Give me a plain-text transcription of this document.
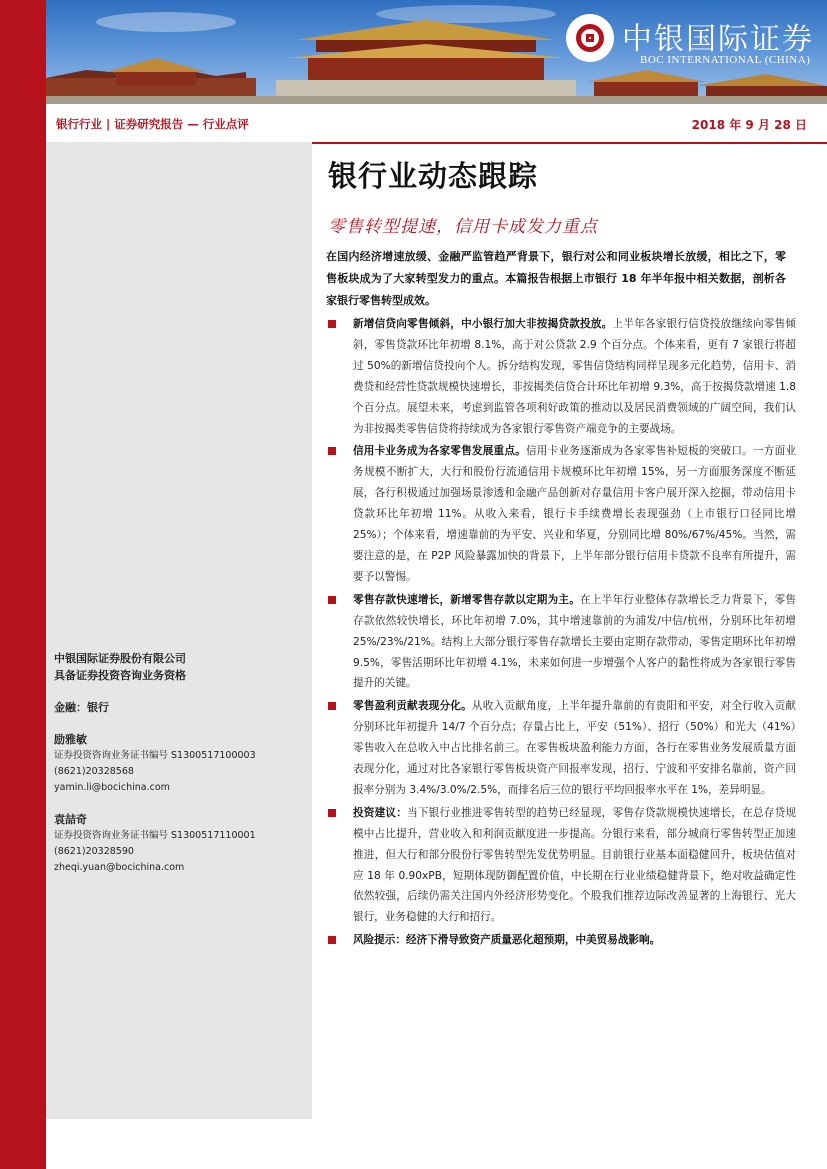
中银国际证券
BOC INTERNATIONAL (CHINA)
银行行业 | 证券研究报告 — 行业点评	2018 年 9 月 28 日
中银国际证券股份有限公司
具备证券投资咨询业务资格
金融：银行
励雅敏
证券投资咨询业务证书编号 S1300517100003
(8621)20328568
yamin.li@bocichina.com
袁喆奇
证券投资咨询业务证书编号 S1300517110001
(8621)20328590
zheqi.yuan@bocichina.com
银行业动态跟踪
零售转型提速，信用卡成发力重点
在国内经济增速放缓、金融严监管趋严背景下，银行对公和同业板块增长放缓，相比之下，零售板块成为了大家转型发力的重点。本篇报告根据上市银行 18 年半年报中相关数据，剖析各家银行零售转型成效。
新增信贷向零售倾斜，中小银行加大非按揭贷款投放。上半年各家银行信贷投放继续向零售倾斜，零售贷款环比年初增 8.1%，高于对公贷款 2.9 个百分点。个体来看，更有 7 家银行将超过 50%的新增信贷投向个人。拆分结构发现，零售信贷结构同样呈现多元化趋势，信用卡、消费贷和经营性贷款规模快速增长，非按揭类信贷合计环比年初增 9.3%，高于按揭贷款增速 1.8 个百分点。展望未来，考虑到监管各项利好政策的推动以及居民消费领域的广阔空间，我们认为非按揭类零售信贷将持续成为各家银行零售资产端竞争的主要战场。
信用卡业务成为各家零售发展重点。信用卡业务逐渐成为各家零售补短板的突破口。一方面业务规模不断扩大，大行和股份行流通信用卡规模环比年初增 15%，另一方面服务深度不断延展，各行积极通过加强场景渗透和金融产品创新对存量信用卡客户展开深入挖掘，带动信用卡贷款环比年初增 11%。从收入来看，银行卡手续费增长表现强劲（上市银行口径同比增 25%）；个体来看，增速靠前的为平安、兴业和华夏，分别同比增 80%/67%/45%。当然，需要注意的是，在 P2P 风险暴露加快的背景下，上半年部分银行信用卡贷款不良率有所提升，需要予以警惕。
零售存款快速增长，新增零售存款以定期为主。在上半年行业整体存款增长乏力背景下，零售存款依然较快增长，环比年初增 7.0%，其中增速靠前的为浦发/中信/杭州，分别环比年初增 25%/23%/21%。结构上大部分银行零售存款增长主要由定期存款带动，零售定期环比年初增 9.5%，零售活期环比年初增 4.1%，未来如何进一步增强个人客户的黏性将成为各家银行零售提升的关键。
零售盈利贡献表现分化。从收入贡献角度，上半年提升靠前的有贵阳和平安，对全行收入贡献分别环比年初提升 14/7 个百分点；存量占比上，平安（51%）、招行（50%）和光大（41%）零售收入在总收入中占比排名前三。在零售板块盈利能力方面，各行在零售业务发展质量方面表现分化，通过对比各家银行零售板块资产回报率发现，招行、宁波和平安排名靠前，资产回报率分别为 3.4%/3.0%/2.5%，而排名后三位的银行平均回报率水平在 1%，差异明显。
投资建议：当下银行业推进零售转型的趋势已经显现，零售存贷款规模快速增长，在总存贷规模中占比提升，营业收入和利润贡献度进一步提高。分银行来看，部分城商行零售转型正加速推进，但大行和部分股份行零售转型先发优势明显。目前银行业基本面稳健回升，板块估值对应 18 年 0.90xPB，短期体现防御配置价值，中长期在行业业绩稳健背景下，绝对收益确定性依然较强，后续仍需关注国内外经济形势变化。个股我们推荐边际改善显著的上海银行、光大银行，业务稳健的大行和招行。
风险提示：经济下滑导致资产质量恶化超预期，中美贸易战影响。
